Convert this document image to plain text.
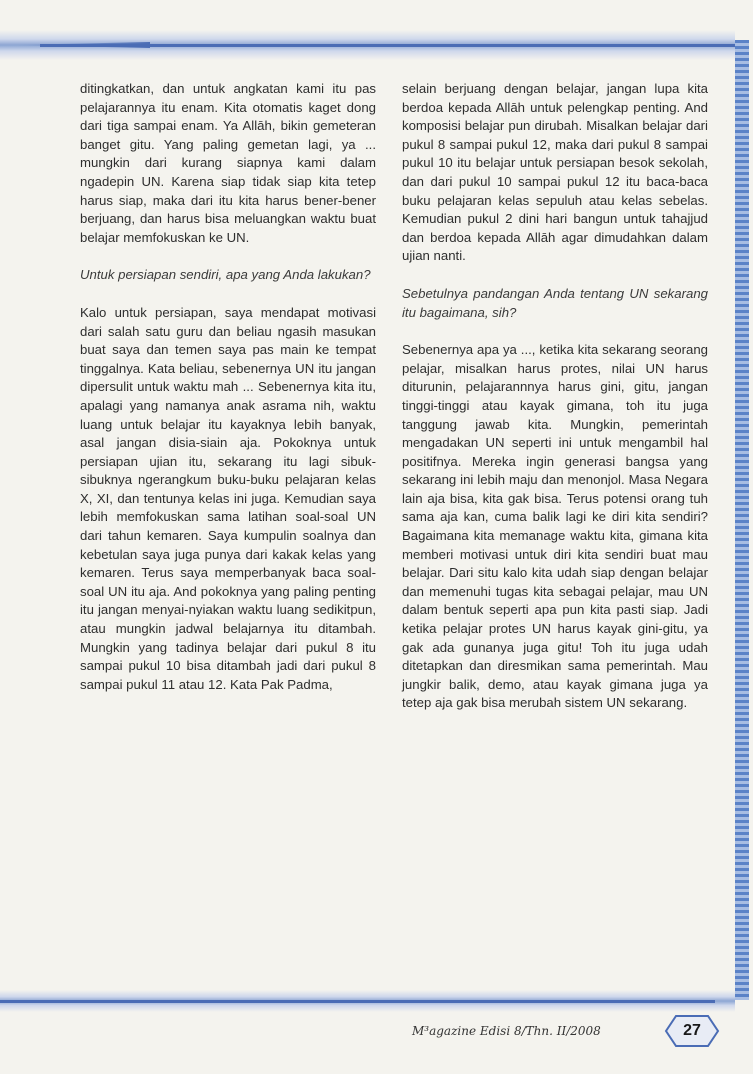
ditingkatkan, dan untuk angkatan kami itu pas pelajarannya itu enam. Kita otomatis kaget dong dari tiga sampai enam. Ya Allāh, bikin gemeteran banget gitu. Yang paling gemetan lagi, ya ... mungkin dari kurang siapnya kami dalam ngadepin UN. Karena siap tidak siap kita tetep harus siap, maka dari itu kita harus bener-bener berjuang, dan harus bisa meluangkan waktu buat belajar memfokuskan ke UN.

Untuk persiapan sendiri, apa yang Anda lakukan?

Kalo untuk persiapan, saya mendapat motivasi dari salah satu guru dan beliau ngasih masukan buat saya dan temen saya pas main ke tempat tinggalnya. Kata beliau, sebenernya UN itu jangan dipersulit untuk waktu mah ... Sebenernya kita itu, apalagi yang namanya anak asrama nih, waktu luang untuk belajar itu kayaknya lebih banyak, asal jangan disia-siain aja. Pokoknya untuk persiapan ujian itu, sekarang itu lagi sibuk-sibuknya ngerangkum buku-buku pelajaran kelas X, XI, dan tentunya kelas ini juga. Kemudian saya lebih memfokuskan sama latihan soal-soal UN dari tahun kemaren. Saya kumpulin soalnya dan kebetulan saya juga punya dari kakak kelas yang kemaren. Terus saya memperbanyak baca soal-soal UN itu aja. And pokoknya yang paling penting itu jangan menyai-nyiakan waktu luang sedikitpun, atau mungkin jadwal belajarnya itu ditambah. Mungkin yang tadinya belajar dari pukul 8 itu sampai pukul 10 bisa ditambah jadi dari pukul 8 sampai pukul 11 atau 12. Kata Pak Padma,

selain berjuang dengan belajar, jangan lupa kita berdoa kepada Allāh untuk pelengkap penting. And komposisi belajar pun dirubah. Misalkan belajar dari pukul 8 sampai pukul 12, maka dari pukul 8 sampai pukul 10 itu belajar untuk persiapan besok sekolah, dan dari pukul 10 sampai pukul 12 itu baca-baca buku pelajaran kelas sepuluh atau kelas sebelas. Kemudian pukul 2 dini hari bangun untuk tahajjud dan berdoa kepada Allāh agar dimudahkan dalam ujian nanti.

Sebetulnya pandangan Anda tentang UN sekarang itu bagaimana, sih?

Sebenernya apa ya ..., ketika kita sekarang seorang pelajar, misalkan harus protes, nilai UN harus diturunin, pelajarannnya harus gini, gitu, jangan tinggi-tinggi atau kayak gimana, toh itu juga tanggung jawab kita. Mungkin, pemerintah mengadakan UN seperti ini untuk mengambil hal positifnya. Mereka ingin generasi bangsa yang sekarang ini lebih maju dan menonjol. Masa Negara lain aja bisa, kita gak bisa. Terus potensi orang tuh sama aja kan, cuma balik lagi ke diri kita sendiri? Bagaimana kita memanage waktu kita, gimana kita memberi motivasi untuk diri kita sendiri buat mau belajar. Dari situ kalo kita udah siap dengan belajar dan memenuhi tugas kita sebagai pelajar, mau UN dalam bentuk seperti apa pun kita pasti siap. Jadi ketika pelajar protes UN harus kayak gini-gitu, ya gak ada gunanya juga gitu! Toh itu juga udah ditetapkan dan diresmikan sama pemerintah. Mau jungkir balik, demo, atau kayak gimana juga ya tetep aja gak bisa merubah sistem UN sekarang.

M³agazine Edisi 8/Thn. II/2008	27
